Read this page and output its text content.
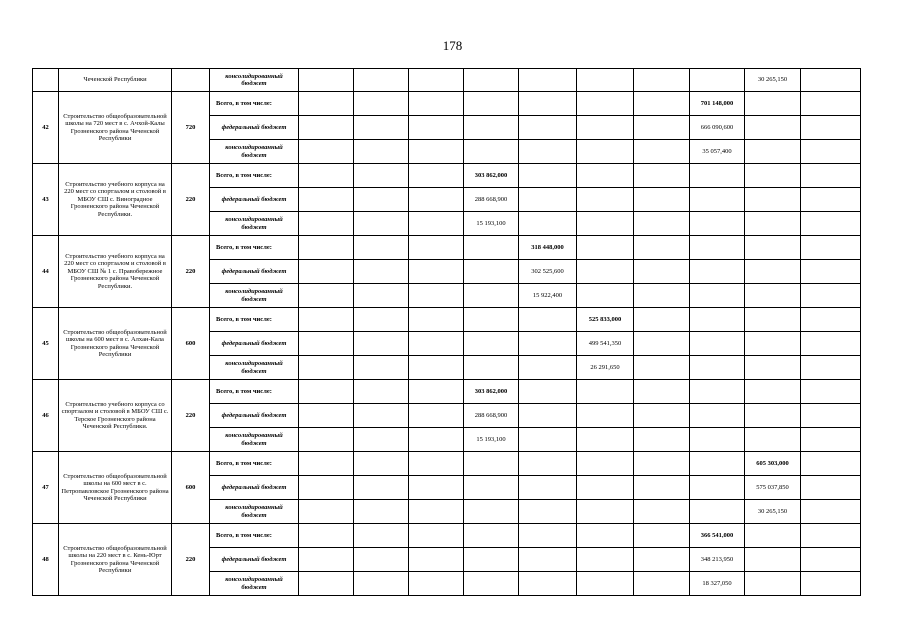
178
	Чеченской Республики		консолидированный бюджет									30 265,150	
42	Строительство общеобразовательной школы на 720 мест в с. Ачхой-Калы Грозненского района Чеченской Республики	720	Всего, в том числе:								701 148,000		
			федеральный бюджет								666 090,600		
			консолидированный бюджет								35 057,400		
43	Строительство учебного корпуса на 220 мест со спортзалом и столовой в МБОУ СШ с. Виноградное Грозненского района Чеченской Республики.	220	Всего, в том числе:				303 862,000						
			федеральный бюджет				288 668,900						
			консолидированный бюджет				15 193,100						
44	Строительство учебного корпуса на 220 мест со спортзалом и столовой в МБОУ СШ № 1 с. Правобережное Грозненского района Чеченской Республики.	220	Всего, в том числе:					318 448,000					
			федеральный бюджет					302 525,600					
			консолидированный бюджет					15 922,400					
45	Строительство общеобразовательной школы на 600 мест в с. Алхан-Кала Грозненского района Чеченской Республики	600	Всего, в том числе:						525 833,000				
			федеральный бюджет						499 541,350				
			консолидированный бюджет						26 291,650				
46	Строительство учебного корпуса со спортзалом и столовой в МБОУ СШ с. Терское Грозненского района Чеченской Республики.	220	Всего, в том числе:				303 862,000						
			федеральный бюджет				288 668,900						
			консолидированный бюджет				15 193,100						
47	Строительство общеобразовательной школы на 600 мест в с. Петропавловское Грозненского района Чеченской Республики	600	Всего, в том числе:									605 303,000	
			федеральный бюджет									575 037,850	
			консолидированный бюджет									30 265,150	
48	Строительство общеобразовательной школы на 220 мест в с. Кень-Юрт Грозненского района Чеченской Республики	220	Всего, в том числе:								366 541,000		
			федеральный бюджет								348 213,950		
			консолидированный бюджет								18 327,050		
